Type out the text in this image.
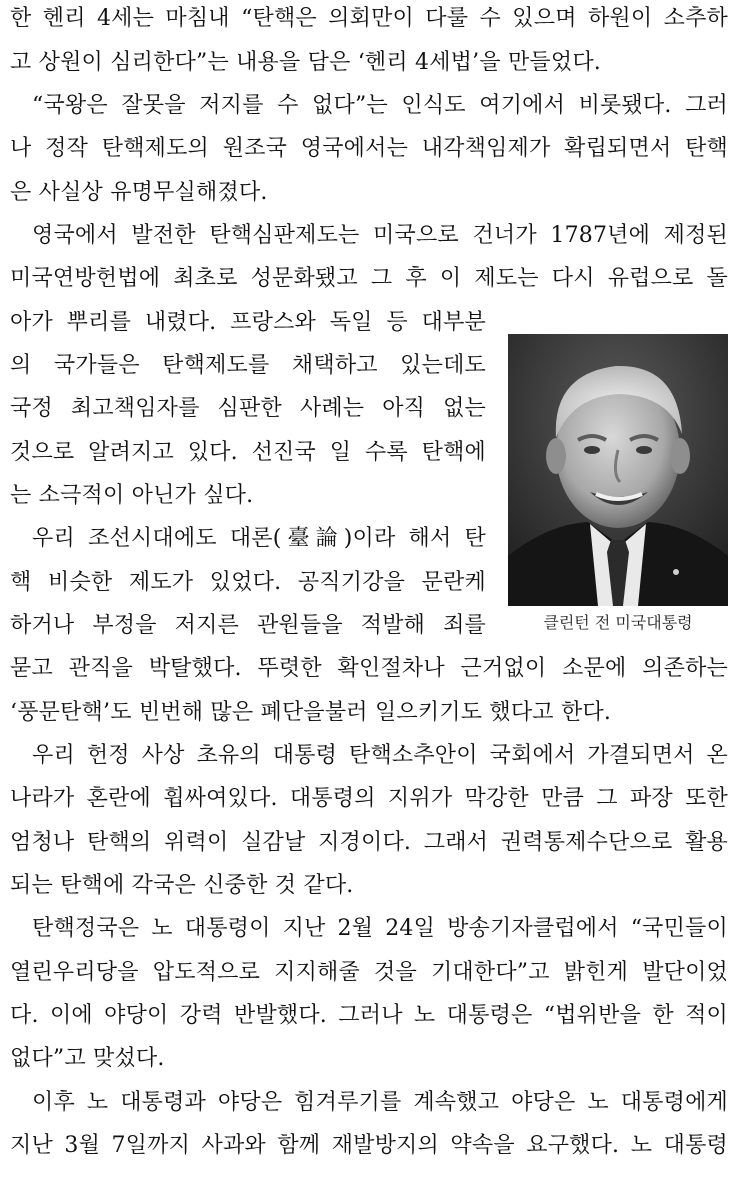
한 헨리 4세는 마침내 “탄핵은 의회만이 다룰 수 있으며 하원이 소추하
고 상원이 심리한다”는 내용을 담은 ‘헨리 4세법’을 만들었다.
“국왕은 잘못을 저지를 수 없다”는 인식도 여기에서 비롯됐다. 그러
나 정작 탄핵제도의 원조국 영국에서는 내각책임제가 확립되면서 탄핵
은 사실상 유명무실해졌다.
영국에서 발전한 탄핵심판제도는 미국으로 건너가 1787년에 제정된
미국연방헌법에 최초로 성문화됐고 그 후 이 제도는 다시 유럽으로 돌
아가 뿌리를 내렸다. 프랑스와 독일 등 대부분
의 국가들은 탄핵제도를 채택하고 있는데도
국정 최고책임자를 심판한 사례는 아직 없는
것으로 알려지고 있다. 선진국 일 수록 탄핵에
는 소극적이 아닌가 싶다.
우리 조선시대에도 대론(臺論)이라 해서 탄
핵 비슷한 제도가 있었다. 공직기강을 문란케
하거나 부정을 저지른 관원들을 적발해 죄를
묻고 관직을 박탈했다. 뚜렷한 확인절차나 근거없이 소문에 의존하는
‘풍문탄핵’도 빈번해 많은 폐단을불러 일으키기도 했다고 한다.
우리 헌정 사상 초유의 대통령 탄핵소추안이 국회에서 가결되면서 온
나라가 혼란에 휩싸여있다. 대통령의 지위가 막강한 만큼 그 파장 또한
엄청나 탄핵의 위력이 실감날 지경이다. 그래서 권력통제수단으로 활용
되는 탄핵에 각국은 신중한 것 같다.
탄핵정국은 노 대통령이 지난 2월 24일 방송기자클럽에서 “국민들이
열린우리당을 압도적으로 지지해줄 것을 기대한다”고 밝힌게 발단이었
다. 이에 야당이 강력 반발했다. 그러나 노 대통령은 “법위반을 한 적이
없다”고 맞섰다.
이후 노 대통령과 야당은 힘겨루기를 계속했고 야당은 노 대통령에게
지난 3월 7일까지 사과와 함께 재발방지의 약속을 요구했다. 노 대통령
클린턴 전 미국대통령
